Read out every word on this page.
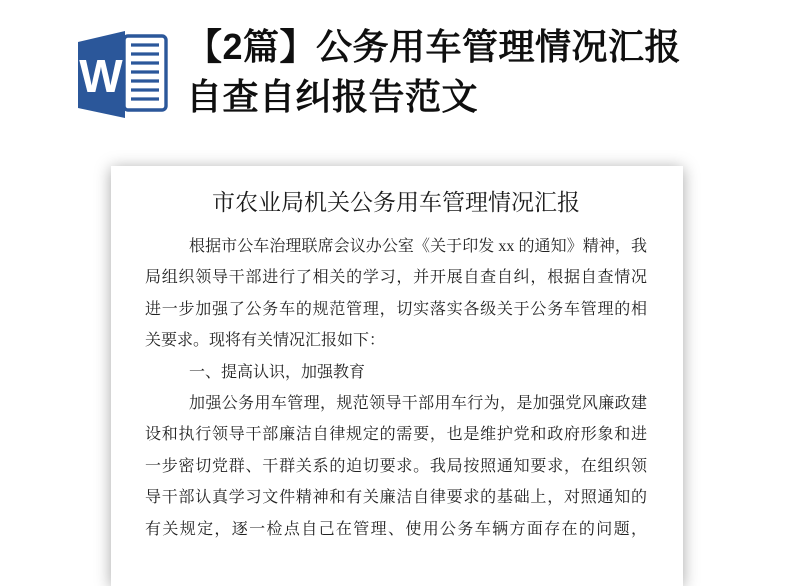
W
【2篇】公务用车管理情况汇报
自查自纠报告范文
市农业局机关公务用车管理情况汇报
根据市公车治理联席会议办公室《关于印发 xx 的通知》精神，我
局组织领导干部进行了相关的学习，并开展自查自纠，根据自查情况
进一步加强了公务车的规范管理，切实落实各级关于公务车管理的相
关要求。现将有关情况汇报如下：
一、提高认识，加强教育
加强公务用车管理，规范领导干部用车行为，是加强党风廉政建
设和执行领导干部廉洁自律规定的需要，也是维护党和政府形象和进
一步密切党群、干群关系的迫切要求。我局按照通知要求，在组织领
导干部认真学习文件精神和有关廉洁自律要求的基础上，对照通知的
有关规定，逐一检点自己在管理、使用公务车辆方面存在的问题，
